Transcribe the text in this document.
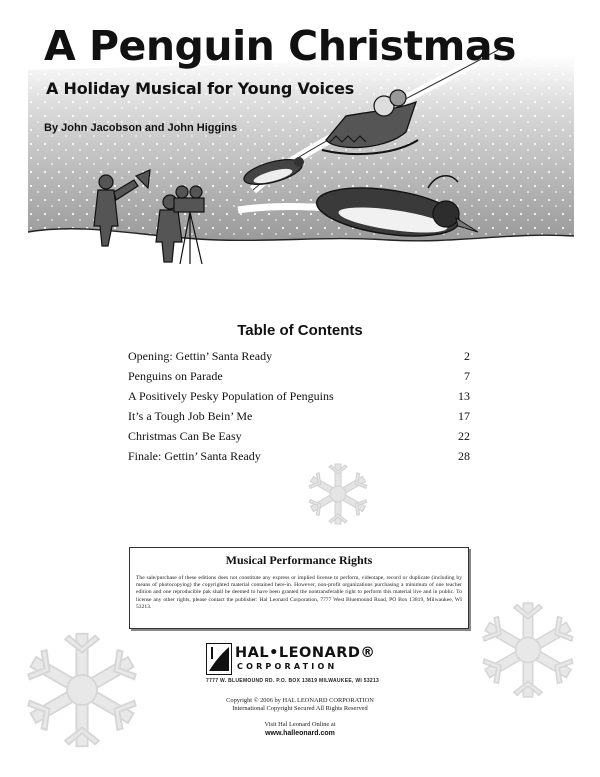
A Penguin Christmas

A Holiday Musical for Young Voices

By John Jacobson and John Higgins

Table of Contents
Opening: Gettin’ Santa Ready	2
Penguins on Parade	7
A Positively Pesky Population of Penguins	13
It’s a Tough Job Bein’ Me	17
Christmas Can Be Easy	22
Finale: Gettin’ Santa Ready	28
Musical Performance Rights

The sale/purchase of these editions does not constitute any express or implied license to perform, videotape, record or duplicate (including by means of photocopying) the copyrighted material contained here-in. However, non-profit organizations purchasing a minimum of one teacher edition and one reproducible pak shall be deemed to have been granted the nontransferable right to perform this material live and in public. To license any other rights, please contact the publisher: Hal Leonard Corporation, 7777 West Bluemound Road, PO Box 13819, Milwaukee, WI 53213.

HAL•LEONARD®
CORPORATION
7777 W. BLUEMOUND RD. P.O. BOX 13819 MILWAUKEE, WI 53213

Copyright © 2006 by HAL LEONARD CORPORATION
International Copyright Secured All Rights Reserved

Visit Hal Leonard Online at

www.halleonard.com
